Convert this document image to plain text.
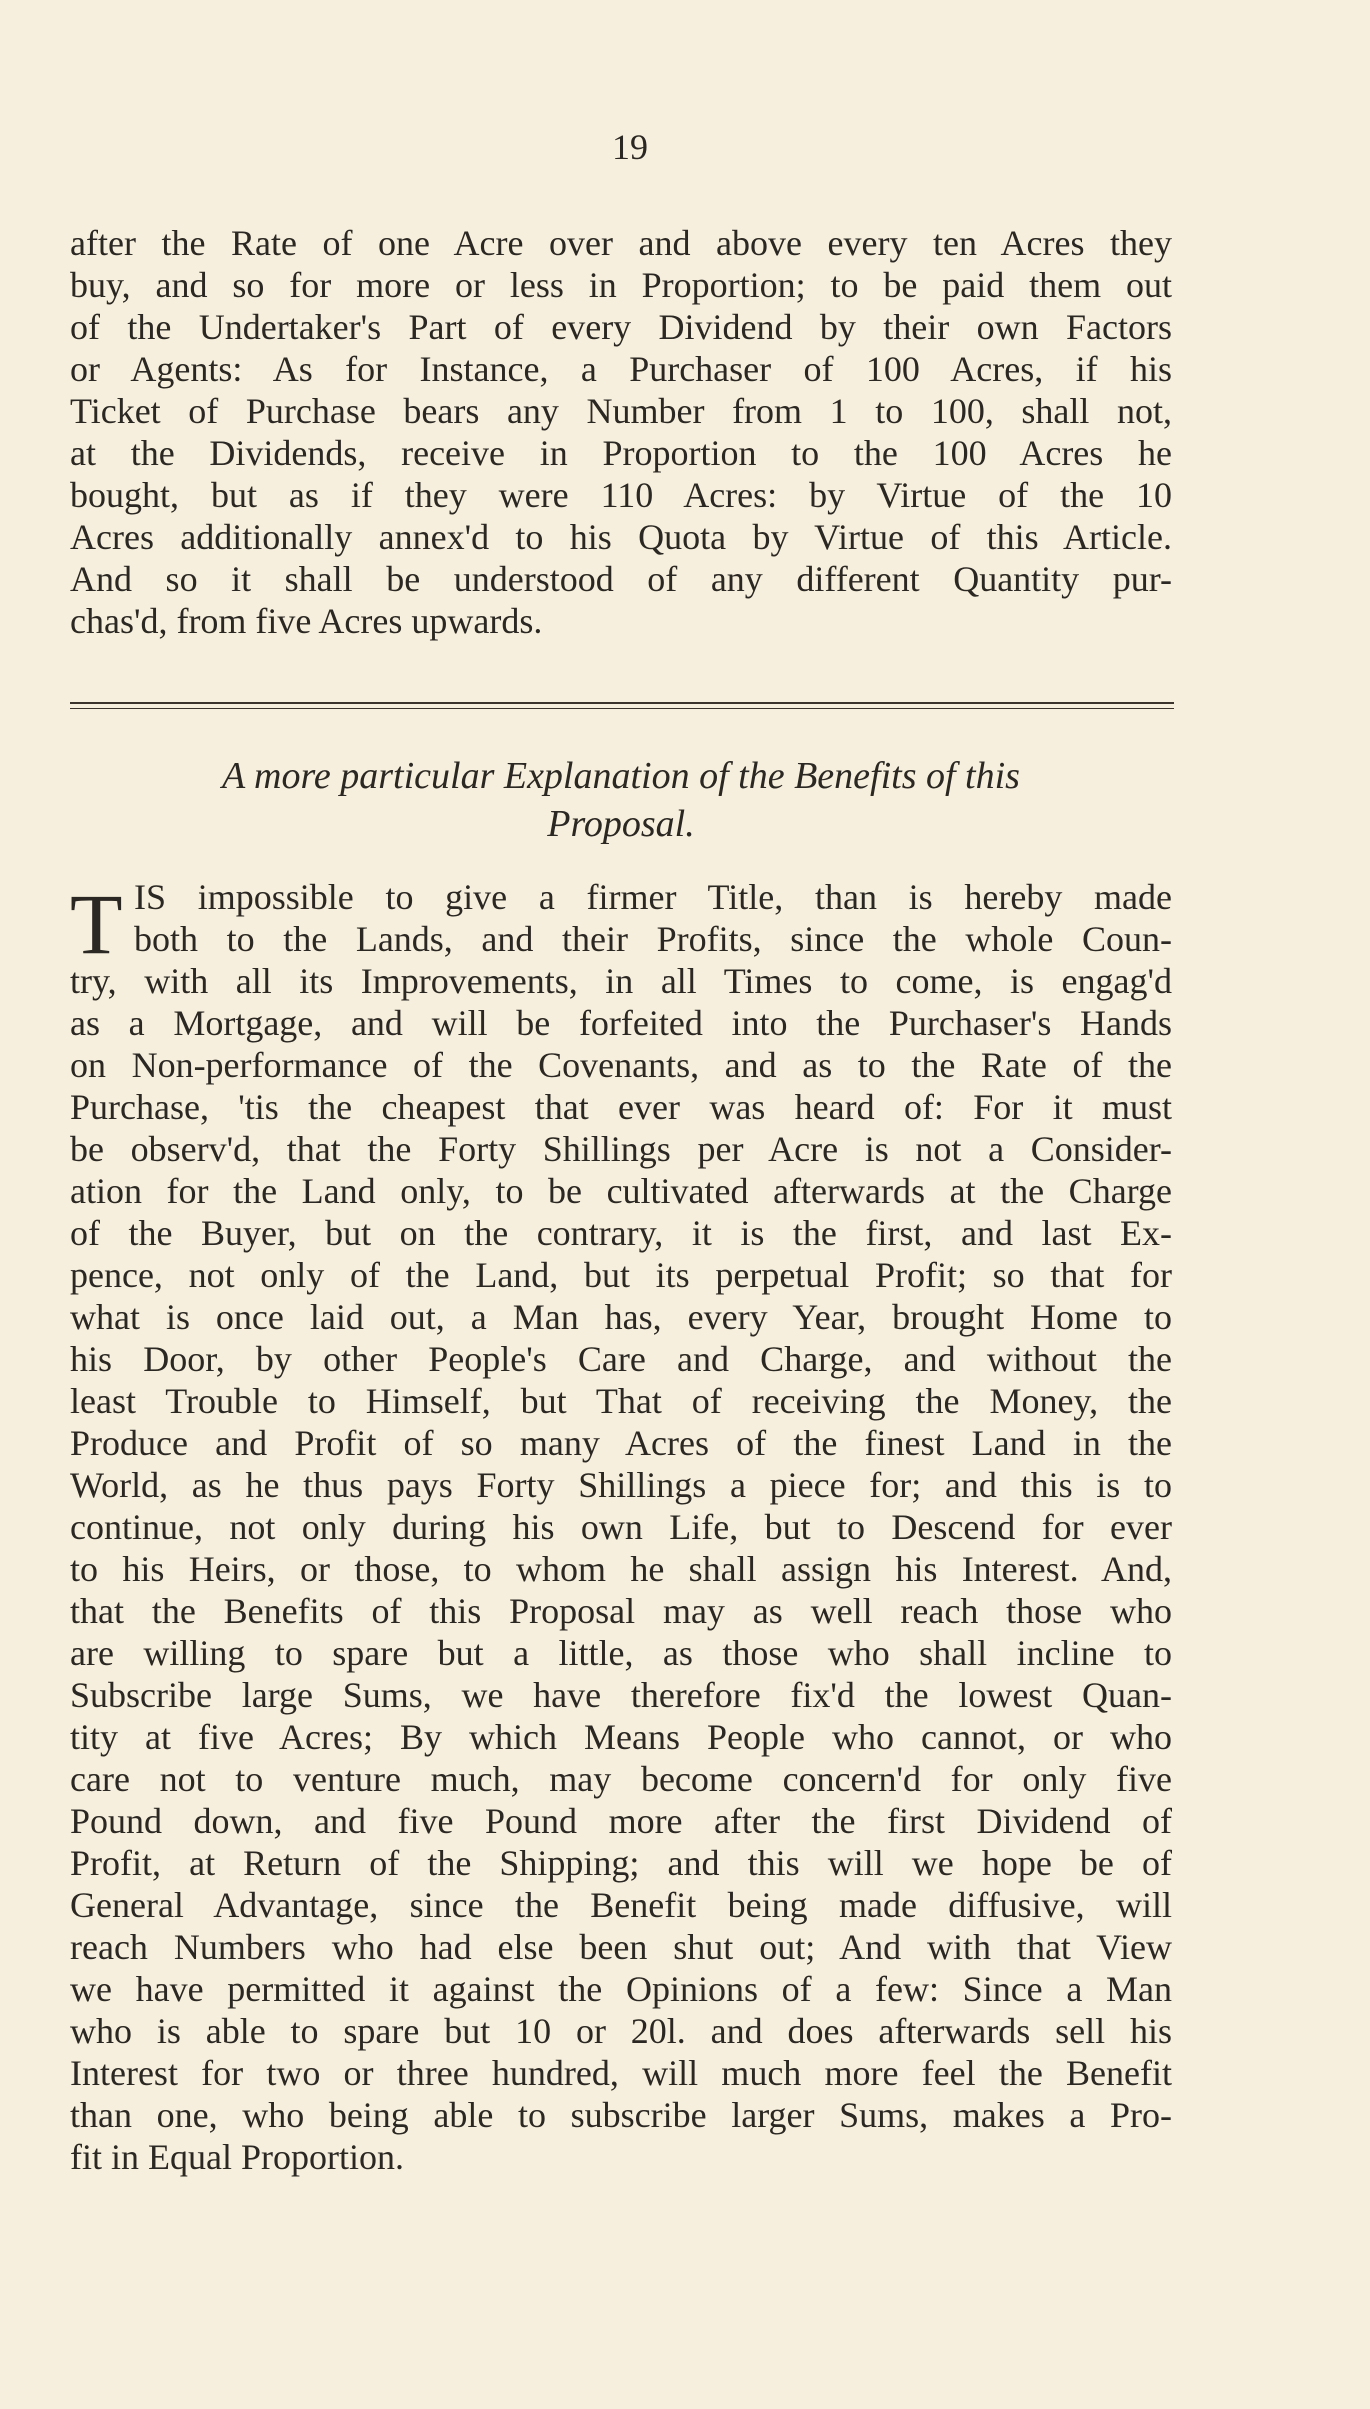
19
after the Rate of one Acre over and above every ten Acres they
buy, and so for more or less in Proportion; to be paid them out
of the Undertaker's Part of every Dividend by their own Factors
or Agents: As for Instance, a Purchaser of 100 Acres, if his
Ticket of Purchase bears any Number from 1 to 100, shall not,
at the Dividends, receive in Proportion to the 100 Acres he
bought, but as if they were 110 Acres: by Virtue of the 10
Acres additionally annex'd to his Quota by Virtue of this Article.
And so it shall be understood of any different Quantity pur-
chas'd, from five Acres upwards.
A more particular Explanation of the Benefits of this
Proposal.
T IS impossible to give a firmer Title, than is hereby made
both to the Lands, and their Profits, since the whole Coun-
try, with all its Improvements, in all Times to come, is engag'd
as a Mortgage, and will be forfeited into the Purchaser's Hands
on Non-performance of the Covenants, and as to the Rate of the
Purchase, 'tis the cheapest that ever was heard of: For it must
be observ'd, that the Forty Shillings per Acre is not a Consider-
ation for the Land only, to be cultivated afterwards at the Charge
of the Buyer, but on the contrary, it is the first, and last Ex-
pence, not only of the Land, but its perpetual Profit; so that for
what is once laid out, a Man has, every Year, brought Home to
his Door, by other People's Care and Charge, and without the
least Trouble to Himself, but That of receiving the Money, the
Produce and Profit of so many Acres of the finest Land in the
World, as he thus pays Forty Shillings a piece for; and this is to
continue, not only during his own Life, but to Descend for ever
to his Heirs, or those, to whom he shall assign his Interest. And,
that the Benefits of this Proposal may as well reach those who
are willing to spare but a little, as those who shall incline to
Subscribe large Sums, we have therefore fix'd the lowest Quan-
tity at five Acres; By which Means People who cannot, or who
care not to venture much, may become concern'd for only five
Pound down, and five Pound more after the first Dividend of
Profit, at Return of the Shipping; and this will we hope be of
General Advantage, since the Benefit being made diffusive, will
reach Numbers who had else been shut out; And with that View
we have permitted it against the Opinions of a few: Since a Man
who is able to spare but 10 or 20l. and does afterwards sell his
Interest for two or three hundred, will much more feel the Benefit
than one, who being able to subscribe larger Sums, makes a Pro-
fit in Equal Proportion.
